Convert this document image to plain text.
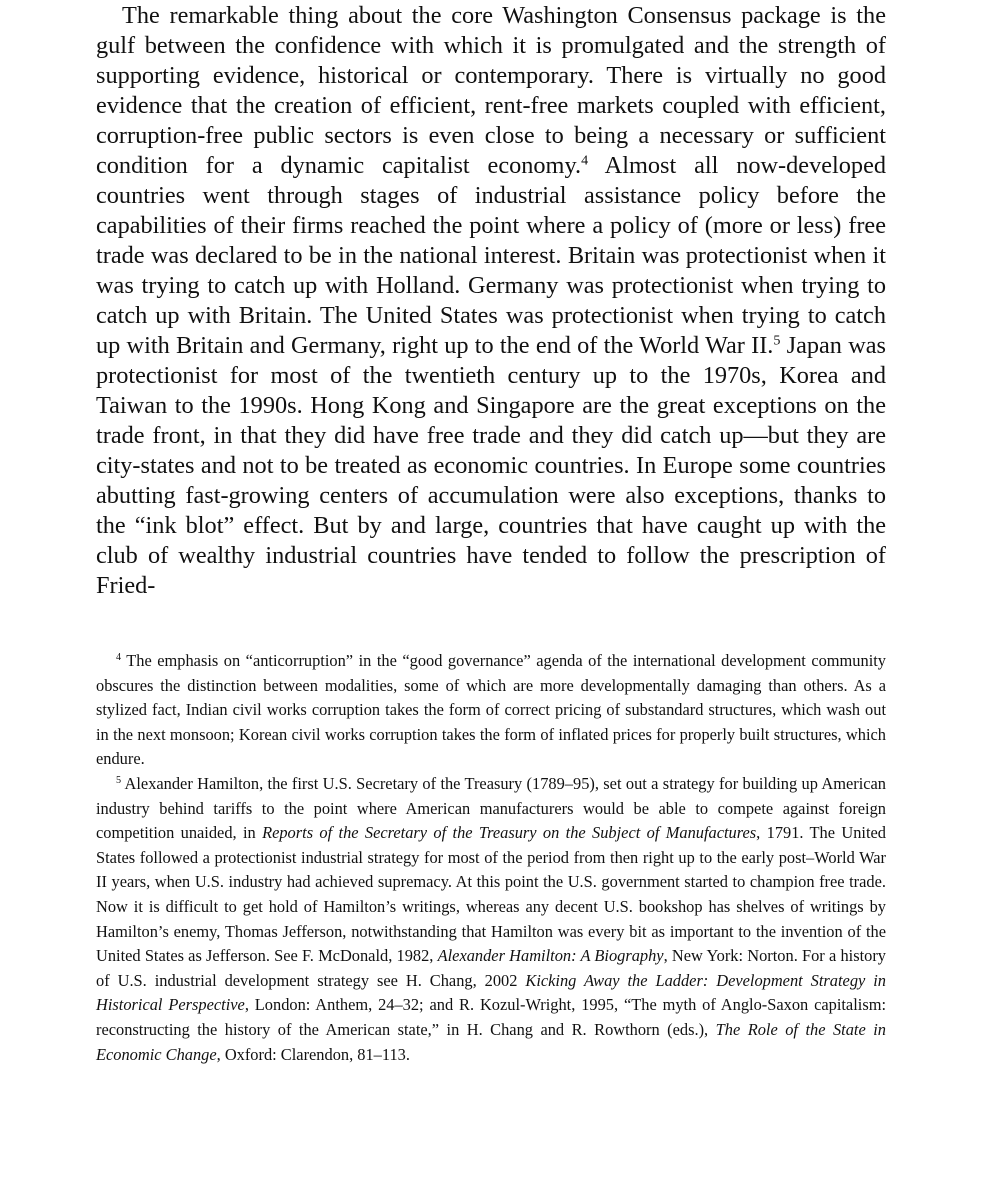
The remarkable thing about the core Washington Consensus package is the gulf between the confidence with which it is promulgated and the strength of supporting evidence, historical or contemporary. There is virtually no good evidence that the creation of efficient, rent-free markets coupled with efficient, corruption-free public sectors is even close to being a necessary or sufficient condition for a dynamic capitalist economy.$^4$ Almost all now-developed countries went through stages of industrial assistance policy before the capabilities of their firms reached the point where a policy of (more or less) free trade was declared to be in the national interest. Britain was protectionist when it was trying to catch up with Holland. Germany was protectionist when trying to catch up with Britain. The United States was protectionist when trying to catch up with Britain and Germany, right up to the end of the World War II.$^5$ Japan was protectionist for most of the twentieth century up to the 1970s, Korea and Taiwan to the 1990s. Hong Kong and Singapore are the great exceptions on the trade front, in that they did have free trade and they did catch up—but they are city-states and not to be treated as economic countries. In Europe some countries abutting fast-growing centers of accumulation were also exceptions, thanks to the “ink blot” effect. But by and large, countries that have caught up with the club of wealthy industrial countries have tended to follow the prescription of Fried-

$^4$ The emphasis on “anticorruption” in the “good governance” agenda of the international development community obscures the distinction between modalities, some of which are more developmentally damaging than others. As a stylized fact, Indian civil works corruption takes the form of correct pricing of substandard structures, which wash out in the next monsoon; Korean civil works corruption takes the form of inflated prices for properly built structures, which endure.

$^5$ Alexander Hamilton, the first U.S. Secretary of the Treasury (1789–95), set out a strategy for building up American industry behind tariffs to the point where American manufacturers would be able to compete against foreign competition unaided, in Reports of the Secretary of the Treasury on the Subject of Manufactures, 1791. The United States followed a protectionist industrial strategy for most of the period from then right up to the early post–World War II years, when U.S. industry had achieved supremacy. At this point the U.S. government started to champion free trade. Now it is difficult to get hold of Hamilton’s writings, whereas any decent U.S. bookshop has shelves of writings by Hamilton’s enemy, Thomas Jefferson, notwithstanding that Hamilton was every bit as important to the invention of the United States as Jefferson. See F. McDonald, 1982, Alexander Hamilton: A Biography, New York: Norton. For a history of U.S. industrial development strategy see H. Chang, 2002 Kicking Away the Ladder: Development Strategy in Historical Perspective, London: Anthem, 24–32; and R. Kozul-Wright, 1995, “The myth of Anglo-Saxon capitalism: reconstructing the history of the American state,” in H. Chang and R. Rowthorn (eds.), The Role of the State in Economic Change, Oxford: Clarendon, 81–113.
